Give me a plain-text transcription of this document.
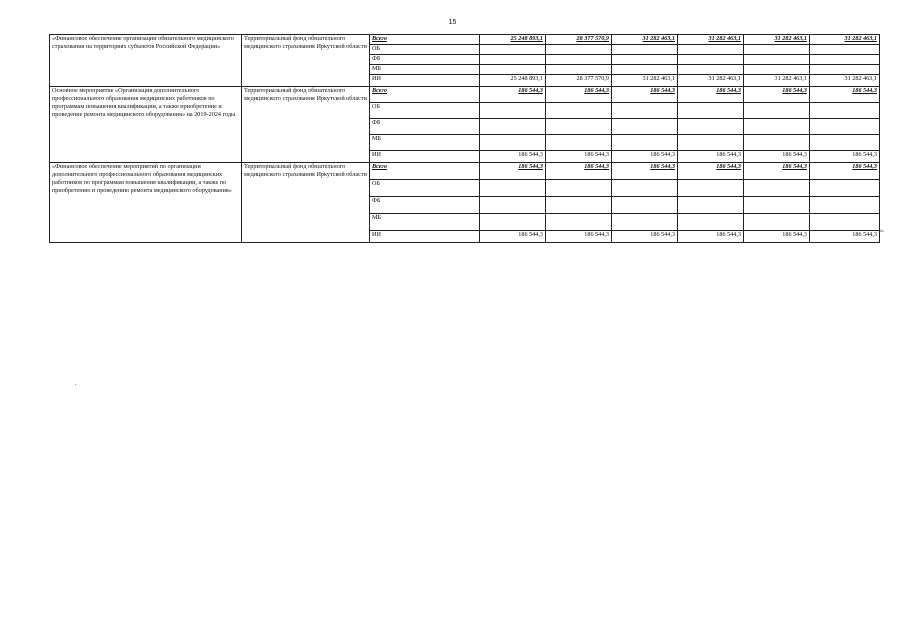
15
«Финансовое обеспечение организации обязательного медицинского страхования на территориях субъектов Российской Федерации»	Территориальный фонд обязательного медицинского страхования Иркутской области	Всего	25 248 893,1	28 377 570,9	31 282 463,1	31 282 463,1	31 282 463,1	31 282 463,1
		ОБ						
		ФБ						
		МБ						
		ИИ	25 248 893,1	28 377 570,9	31 282 463,1	31 282 463,1	31 282 463,1	31 282 463,1
Основное мероприятие «Организация дополнительного профессионального образования медицинских работников по программам повышения квалификации, а также приобретение и проведение ремонта медицинского оборудования» на 2019-2024 годы	Территориальный фонд обязательного медицинского страхования Иркутской области	Всего	186 544,3	186 544,3	186 544,3	186 544,3	186 544,3	186 544,3
		ОБ						
		ФБ						
		МБ						
		ИИ	186 544,3	186 544,3	186 544,3	186 544,3	186 544,3	186 544,3
«Финансовое обеспечение мероприятий по организации дополнительного профессионального образования медицинских работников по программам повышения квалификации, а также по приобретению и проведению ремонта медицинского оборудования»	Территориальный фонд обязательного медицинского страхования Иркутской области	Всего	186 544,3	186 544,3	186 544,3	186 544,3	186 544,3	186 544,3
		ОБ						
		ФБ						
		МБ						
		ИИ	186 544,3	186 544,3	186 544,3	186 544,3	186 544,3	186 544,3 ».
